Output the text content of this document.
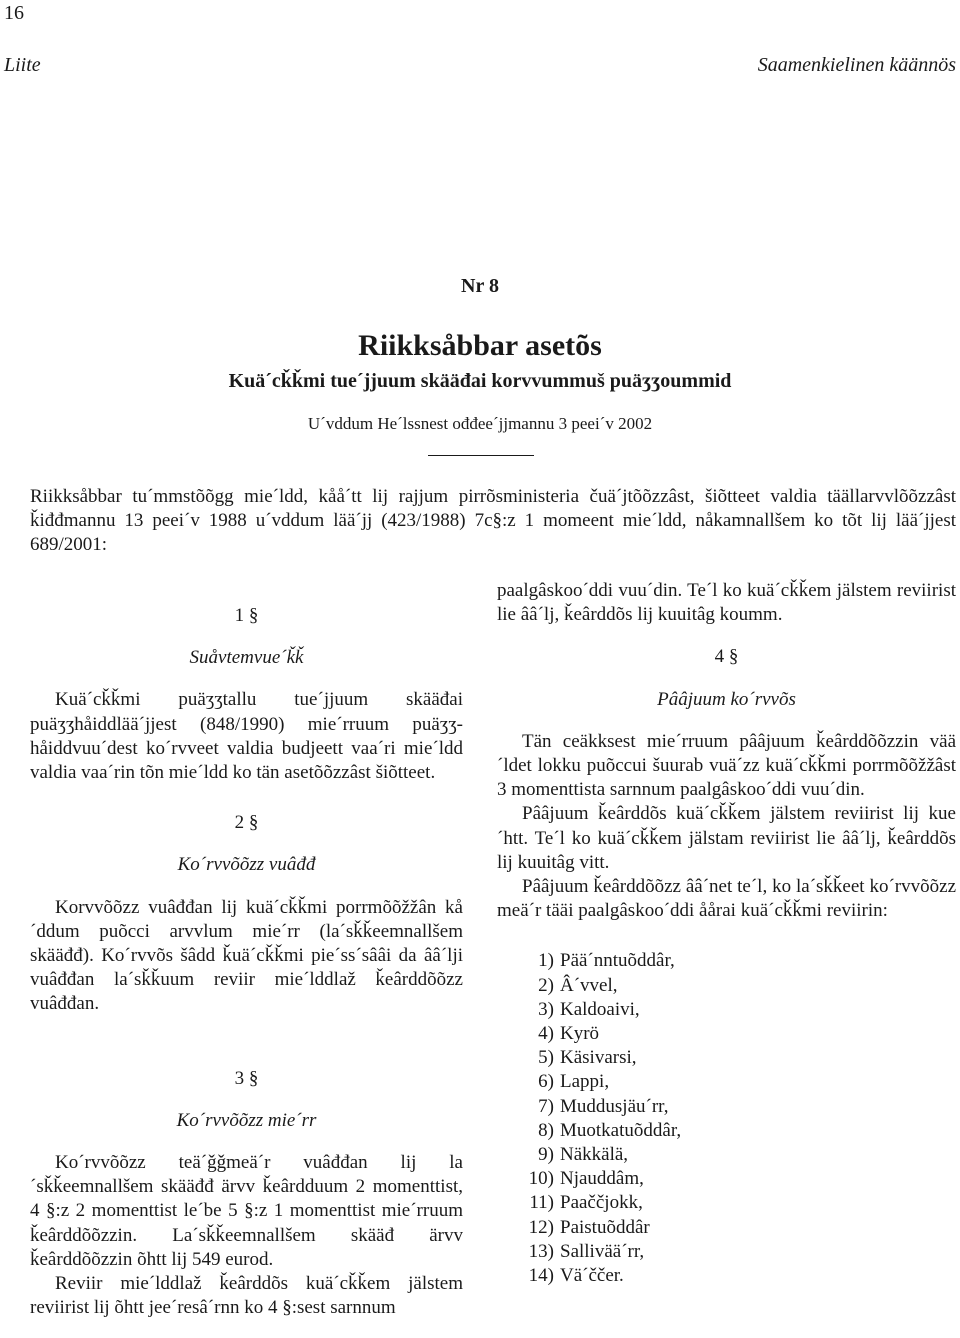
16
Liite	Saamenkielinen käännös
Nr 8
Riikksåbbar asetõs
Kuä´cǩǩmi tue´jjuum skääđai korvvummuš puäʒʒoummid
U´vddum He´lssnest ođđee´jjmannu 3 peei´v 2002
Riikksåbbar tu´mmstõõgg mie´ldd, kåå´tt lij rajjum pirrõsministeria čuä´jtõõzzâst, šiõtteet valdia täällarvvlõõzzâst ǩiđđmannu 13 peei´v 1988 u´vddum lää´jj (423/1988) 7c§:z 1 momeent mie´ldd, nåkamnallšem ko tõt lij lää´jjest 689/2001:
1 §
Suåvtemvue´ǩǩ

Kuä´cǩǩmi puäʒʒtallu tue´jjuum skääđai puäʒʒhåiddlää´jjest (848/1990) mie´rruum puäʒʒhåiddvuu´dest ko´rvveet valdia budjeett vaa´ri mie´ldd valdia vaa´rin tõn mie´ldd ko tän asetõõzzâst šiõtteet.

2 §
Ko´rvvõõzz vuâđđ

Korvvõõzz vuâđđan lij kuä´cǩǩmi porrmõõžžân kå´ddum puõcci arvvlum mie´rr (la´sǩǩeemnallšem skääđđ). Ko´rvvõs šâdd ǩuä´cǩǩmi pie´ss´sââi da ââ´lji vuâđđan la´sǩǩuum reviir mie´lddlaž ǩeârddõõzz vuâđđan.

3 §
Ko´rvvõõzz mie´rr

Ko´rvvõõzz teä´ǧǧmeä´r vuâđđan lij la´sǩǩeemnallšem skääđđ ärvv ǩeârdduum 2 momenttist, 4 §:z 2 momenttist le´be 5 §:z 1 momenttist mie´rruum ǩeârddõõzzin. La´sǩǩeemnallšem skääđ ärvv ǩeârddõõzzin õhtt lij 549 eurod.

Reviir mie´lddlaž ǩeârddõs kuä´cǩǩem jälstem reviirist lij õhtt jee´resâ´rnn ko 4 §:sest sarnnum

paalgâskoo´ddi vuu´din. Te´l ko kuä´cǩǩem jälstem reviirist lie ââ´lj, ǩeârddõs lij kuuitâg koumm.

4 §
Pââjuum ko´rvvõs

Tän ceäkksest mie´rruum pââjuum ǩeârddõõzzin vää´ldet lokku puõccui šuurab vuä´zz kuä´cǩǩmi porrmõõžžâst 3 momenttista sarnnum paalgâskoo´ddi vuu´din.

Pââjuum ǩeârddõs kuä´cǩǩem jälstem reviirist lij kue´htt. Te´l ko kuä´cǩǩem jälstam reviirist lie ââ´lj, ǩeârddõs lij kuuitâg vitt.

Pââjuum ǩeârddõõzz ââ´net te´l, ko la´sǩǩeet ko´rvvõõzz meä´r tääi paalgâskoo´ddi åårai kuä´cǩǩmi reviirin:

1) Pää´nntuõddâr,
2) Â´vvel,
3) Kaldoaivi,
4) Kyrö
5) Käsivarsi,
6) Lappi,
7) Muddusjäu´rr,
8) Muotkatuõddâr,
9) Näkkälä,
10) Njauddâm,
11) Paaččjokk,
12) Paistuõddâr
13) Sallivää´rr,
14) Vä´ččer.
